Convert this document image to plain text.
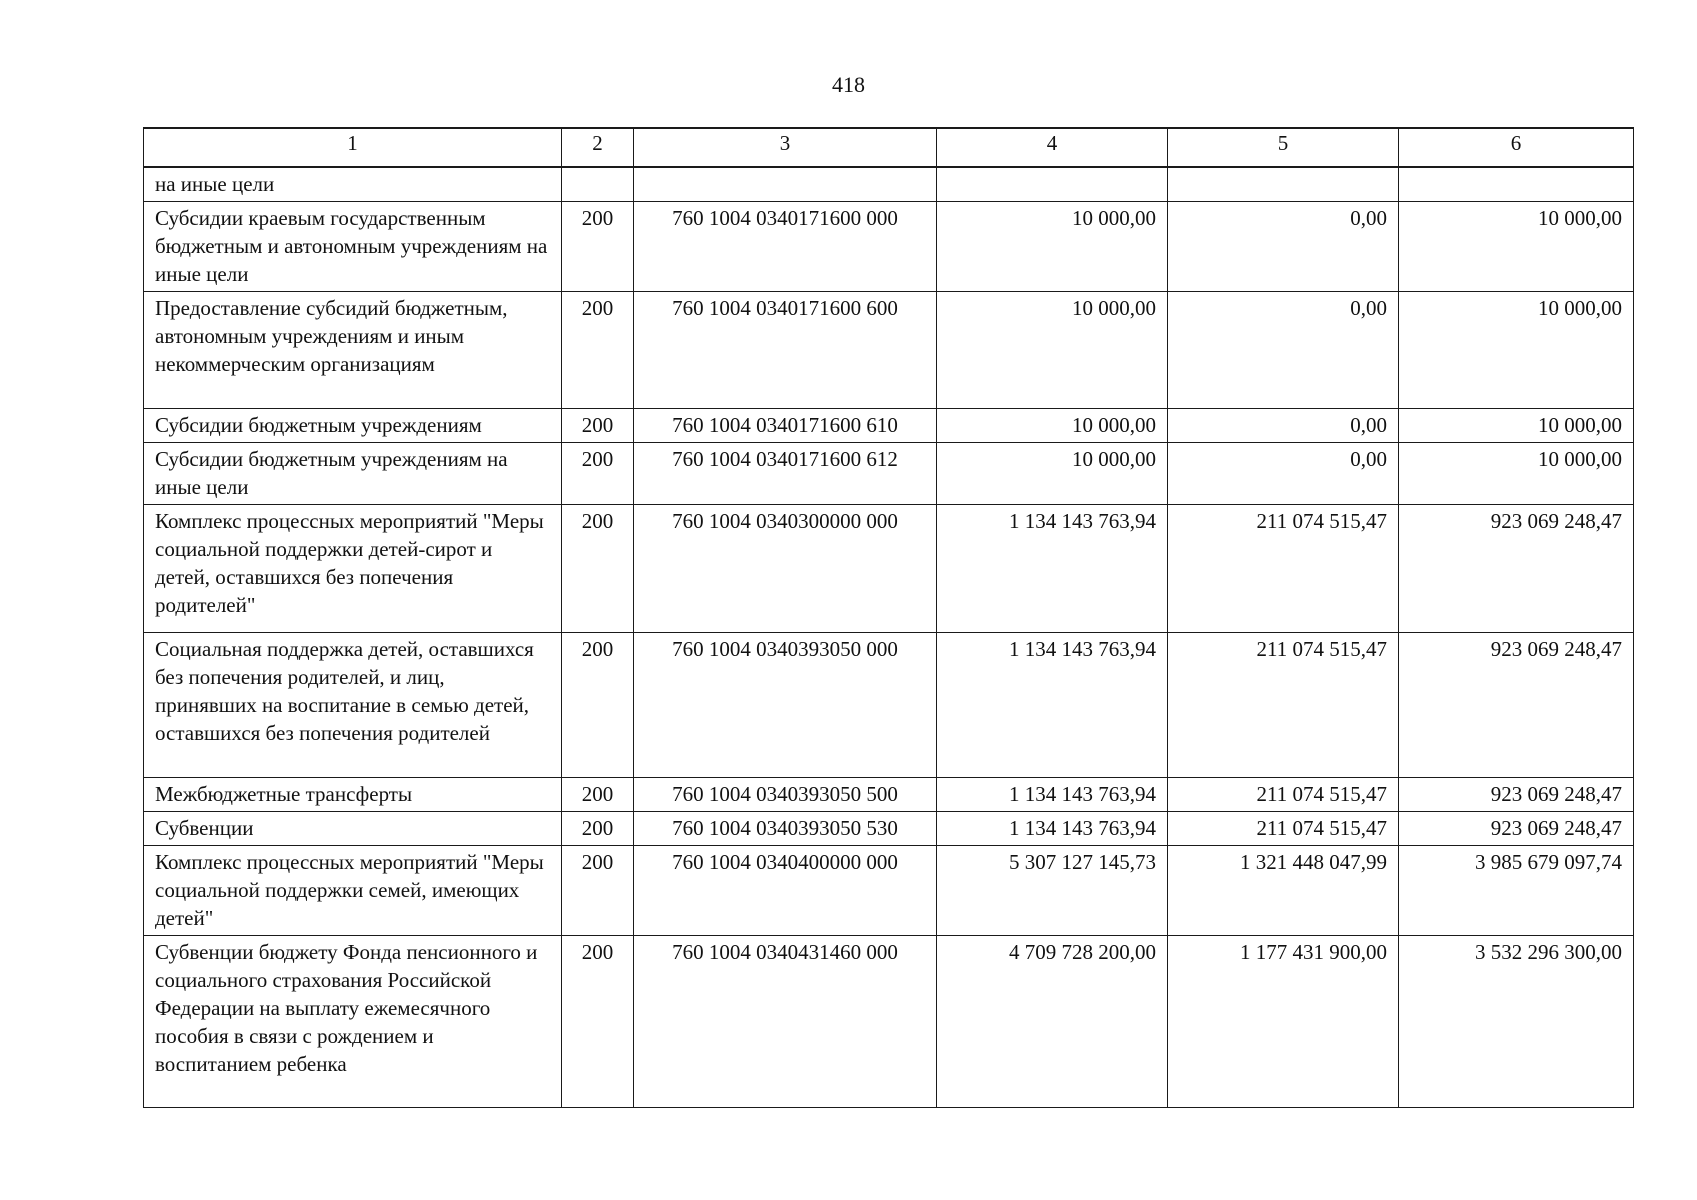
418
1	2	3	4	5	6
на иные цели					
Субсидии краевым государственным бюджетным и автономным учреждениям на иные цели	200	760 1004 0340171600 000	10 000,00	0,00	10 000,00
Предоставление субсидий бюджетным, автономным учреждениям и иным некоммерческим организациям	200	760 1004 0340171600 600	10 000,00	0,00	10 000,00
Субсидии бюджетным учреждениям	200	760 1004 0340171600 610	10 000,00	0,00	10 000,00
Субсидии бюджетным учреждениям на иные цели	200	760 1004 0340171600 612	10 000,00	0,00	10 000,00
Комплекс процессных мероприятий "Меры социальной поддержки детей-сирот и детей, оставшихся без попечения родителей"	200	760 1004 0340300000 000	1 134 143 763,94	211 074 515,47	923 069 248,47
Социальная поддержка детей, оставшихся без попечения родителей, и лиц, принявших на воспитание в семью детей, оставшихся без попечения родителей	200	760 1004 0340393050 000	1 134 143 763,94	211 074 515,47	923 069 248,47
Межбюджетные трансферты	200	760 1004 0340393050 500	1 134 143 763,94	211 074 515,47	923 069 248,47
Субвенции	200	760 1004 0340393050 530	1 134 143 763,94	211 074 515,47	923 069 248,47
Комплекс процессных мероприятий "Меры социальной поддержки семей, имеющих детей"	200	760 1004 0340400000 000	5 307 127 145,73	1 321 448 047,99	3 985 679 097,74
Субвенции бюджету Фонда пенсионного и социального страхования Российской Федерации на выплату ежемесячного пособия в связи с рождением и воспитанием ребенка	200	760 1004 0340431460 000	4 709 728 200,00	1 177 431 900,00	3 532 296 300,00
